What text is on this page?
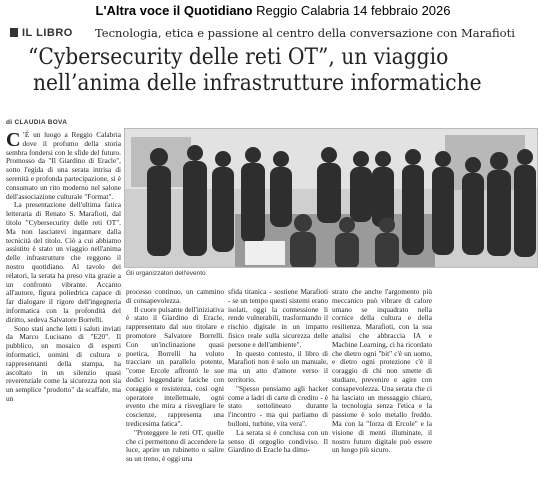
L'Altra voce il Quotidiano Reggio Calabria 14 febbraio 2026
IL LIBRO Tecnologia, etica e passione al centro della conversazione con Marafioti
“Cybersecurity delle reti OT”, un viaggio
nell’anima delle infrastrutture informatiche
di CLAUDIA BOVA
C ’È un luogo a Reggio Calabria dove il profumo della storia sembra fondersi con le sfide del futuro. Promosso da "Il Giardino di Eracle", sotto l'egida di una serata intrisa di serenità e profonda partecipazione, si è consumato un rito moderno nel salone dell'associazione culturale "Format".

La presentazione dell'ultima fatica letteraria di Renato S. Marafioti, dal titolo "Cybersecurity delle reti OT". Ma non lasciatevi ingannare dalla tecnicità del titolo. Ciò a cui abbiamo assistito è stato un viaggio nell'anima delle infrastrutture che reggono il nostro quotidiano. Al tavolo dei relatori, la serata ha preso vita grazie a un confronto vibrante. Accanto all'autore, figura poliedrica capace di far dialogare il rigore dell'ingegneria informatica con la profondità del diritto, sedeva Salvatore Borrelli.

Sono stati anche letti i saluti inviati da Marco Lucisano di "E20". Il pubblico, un mosaico di esperti informatici, uomini di cultura e rappresentanti della stampa, ha ascoltato in un silenzio quasi reverenziale come la sicurezza non sia un semplice "prodotto" da scaffale, ma un

Gli organizzatori dell'evento

processo continuo, un cammino di consapevolezza.

Il cuore pulsante dell'iniziativa è stato il Giardino di Eracle, rappresentato dal suo titolare e promotore Salvatore Borrelli. Con un'inclinazione quasi poetica, Borrelli ha voluto tracciare un parallelo potente, "come Ercole affrontò le sue dodici leggendarie fatiche con coraggio e resistenza, così ogni operatore intellettuale, ogni evento che mira a risvegliare le coscienze, rappresenta una tredicesima fatica".

"Proteggere le reti OT, quelle che ci permettono di accendere la luce, aprire un rubinetto o salire su un treno, è oggi una

sfida titanica - sostiene Marafioti - se un tempo questi sistemi erano isolati, oggi la connessione li rende vulnerabili, trasformando il rischio digitale in un impatto fisico reale sulla sicurezza delle persone e dell'ambiente".

In questo contesto, il libro di Marafioti non è solo un manuale, ma un atto d'amore verso il territorio.

"Spesso pensiamo agli hacker come a ladri di carte di credito - è stato sottolineato durante l'incontro - ma qui parliamo di bulloni, turbine, vita vera".

La serata si è conclusa con un senso di orgoglio condiviso. Il Giardino di Eracle ha dimo-

strato che anche l'argomento più meccanico può vibrare di calore umano se inquadrato nella cornice della cultura e della resilienza. Marafioti, con la sua analisi che abbraccia IA e Machine Learning, ci ha ricordato che dietro ogni "bit" c'è un uomo, e dietro ogni protezione c'è il coraggio di chi non smette di studiare, prevenire e agire con consapevolezza. Una serata che ci ha lasciato un messaggio chiaro, la tecnologia senza l'etica e la passione è solo metallo freddo. Ma con la "forza di Ercole" e la visione di menti illuminate, il nostro futuro digitale può essere un luogo più sicuro.
